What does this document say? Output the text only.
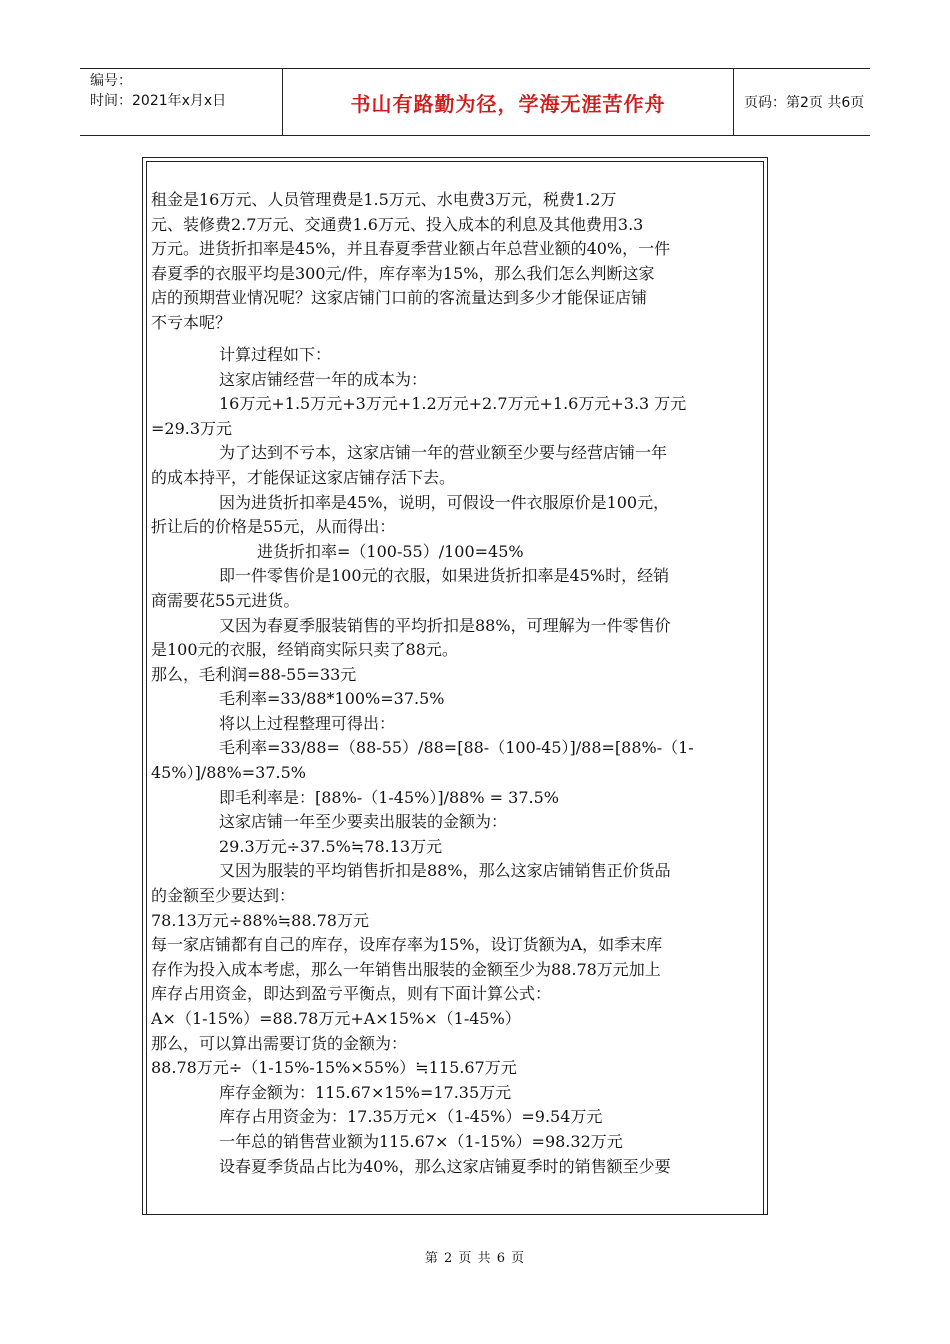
编号：
时间：2021年x月x日	书山有路勤为径，学海无涯苦作舟	页码：第2页 共6页
租金是16万元、人员管理费是1.5万元、水电费3万元，税费1.2万
元、装修费2.7万元、交通费1.6万元、投入成本的利息及其他费用3.3
万元。进货折扣率是45%，并且春夏季营业额占年总营业额的40%，一件
春夏季的衣服平均是300元/件，库存率为15%，那么我们怎么判断这家
店的预期营业情况呢？这家店铺门口前的客流量达到多少才能保证店铺
不亏本呢？
计算过程如下：
这家店铺经营一年的成本为：
16万元+1.5万元+3万元+1.2万元+2.7万元+1.6万元+3.3 万元
=29.3万元
为了达到不亏本，这家店铺一年的营业额至少要与经营店铺一年
的成本持平，才能保证这家店铺存活下去。
因为进货折扣率是45%，说明，可假设一件衣服原价是100元，
折让后的价格是55元，从而得出：
进货折扣率=（100-55）/100=45%
即一件零售价是100元的衣服，如果进货折扣率是45%时，经销
商需要花55元进货。
又因为春夏季服装销售的平均折扣是88%，可理解为一件零售价
是100元的衣服，经销商实际只卖了88元。
那么，毛利润=88-55=33元
毛利率=33/88*100%=37.5%
将以上过程整理可得出：
毛利率=33/88=（88-55）/88=[88-（100-45）]/88=[88%-（1-
45%）]/88%=37.5%
即毛利率是：[88%-（1-45%）]/88% = 37.5%
这家店铺一年至少要卖出服装的金额为：
29.3万元÷37.5%≒78.13万元
又因为服装的平均销售折扣是88%，那么这家店铺销售正价货品
的金额至少要达到：
78.13万元÷88%≒88.78万元
每一家店铺都有自己的库存，设库存率为15%，设订货额为A，如季末库
存作为投入成本考虑，那么一年销售出服装的金额至少为88.78万元加上
库存占用资金，即达到盈亏平衡点，则有下面计算公式：
A×（1-15%）=88.78万元+A×15%×（1-45%）
那么，可以算出需要订货的金额为：
88.78万元÷（1-15%-15%×55%）≒115.67万元
库存金额为：115.67×15%=17.35万元
库存占用资金为：17.35万元×（1-45%）=9.54万元
一年总的销售营业额为115.67×（1-15%）=98.32万元
设春夏季货品占比为40%，那么这家店铺夏季时的销售额至少要
第 2 页 共 6 页
